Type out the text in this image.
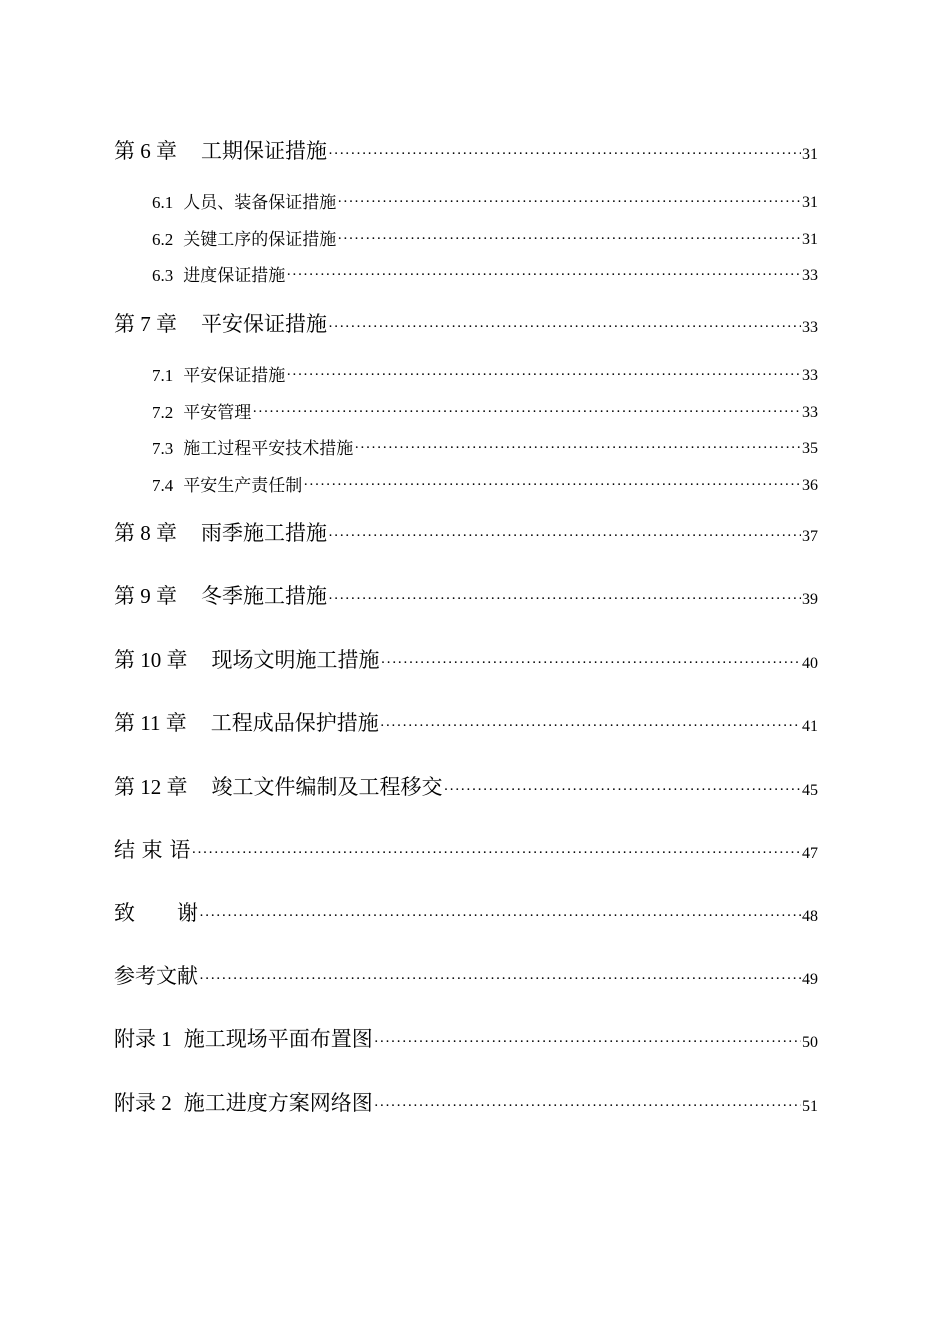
第 6 章 工期保证措施 ·····	31
6.1 人员、装备保证措施 ·····	31
6.2 关键工序的保证措施 ·····	31
6.3 进度保证措施 ·····	33
第 7 章 平安保证措施 ·····	33
7.1 平安保证措施 ·····	33
7.2 平安管理 ·····	33
7.3 施工过程平安技术措施 ·····	35
7.4 平安生产责任制 ·····	36
第 8 章 雨季施工措施 ·····	37
第 9 章 冬季施工措施 ·····	39
第 10 章 现场文明施工措施 ·····	40
第 11 章 工程成品保护措施 ·····	41
第 12 章 竣工文件编制及工程移交 ·····	45
结 束 语 ·····	47
致　　谢 ·····	48
参考文献 ·····	49
附录 1 施工现场平面布置图 ·····	50
附录 2 施工进度方案网络图 ·····	51
